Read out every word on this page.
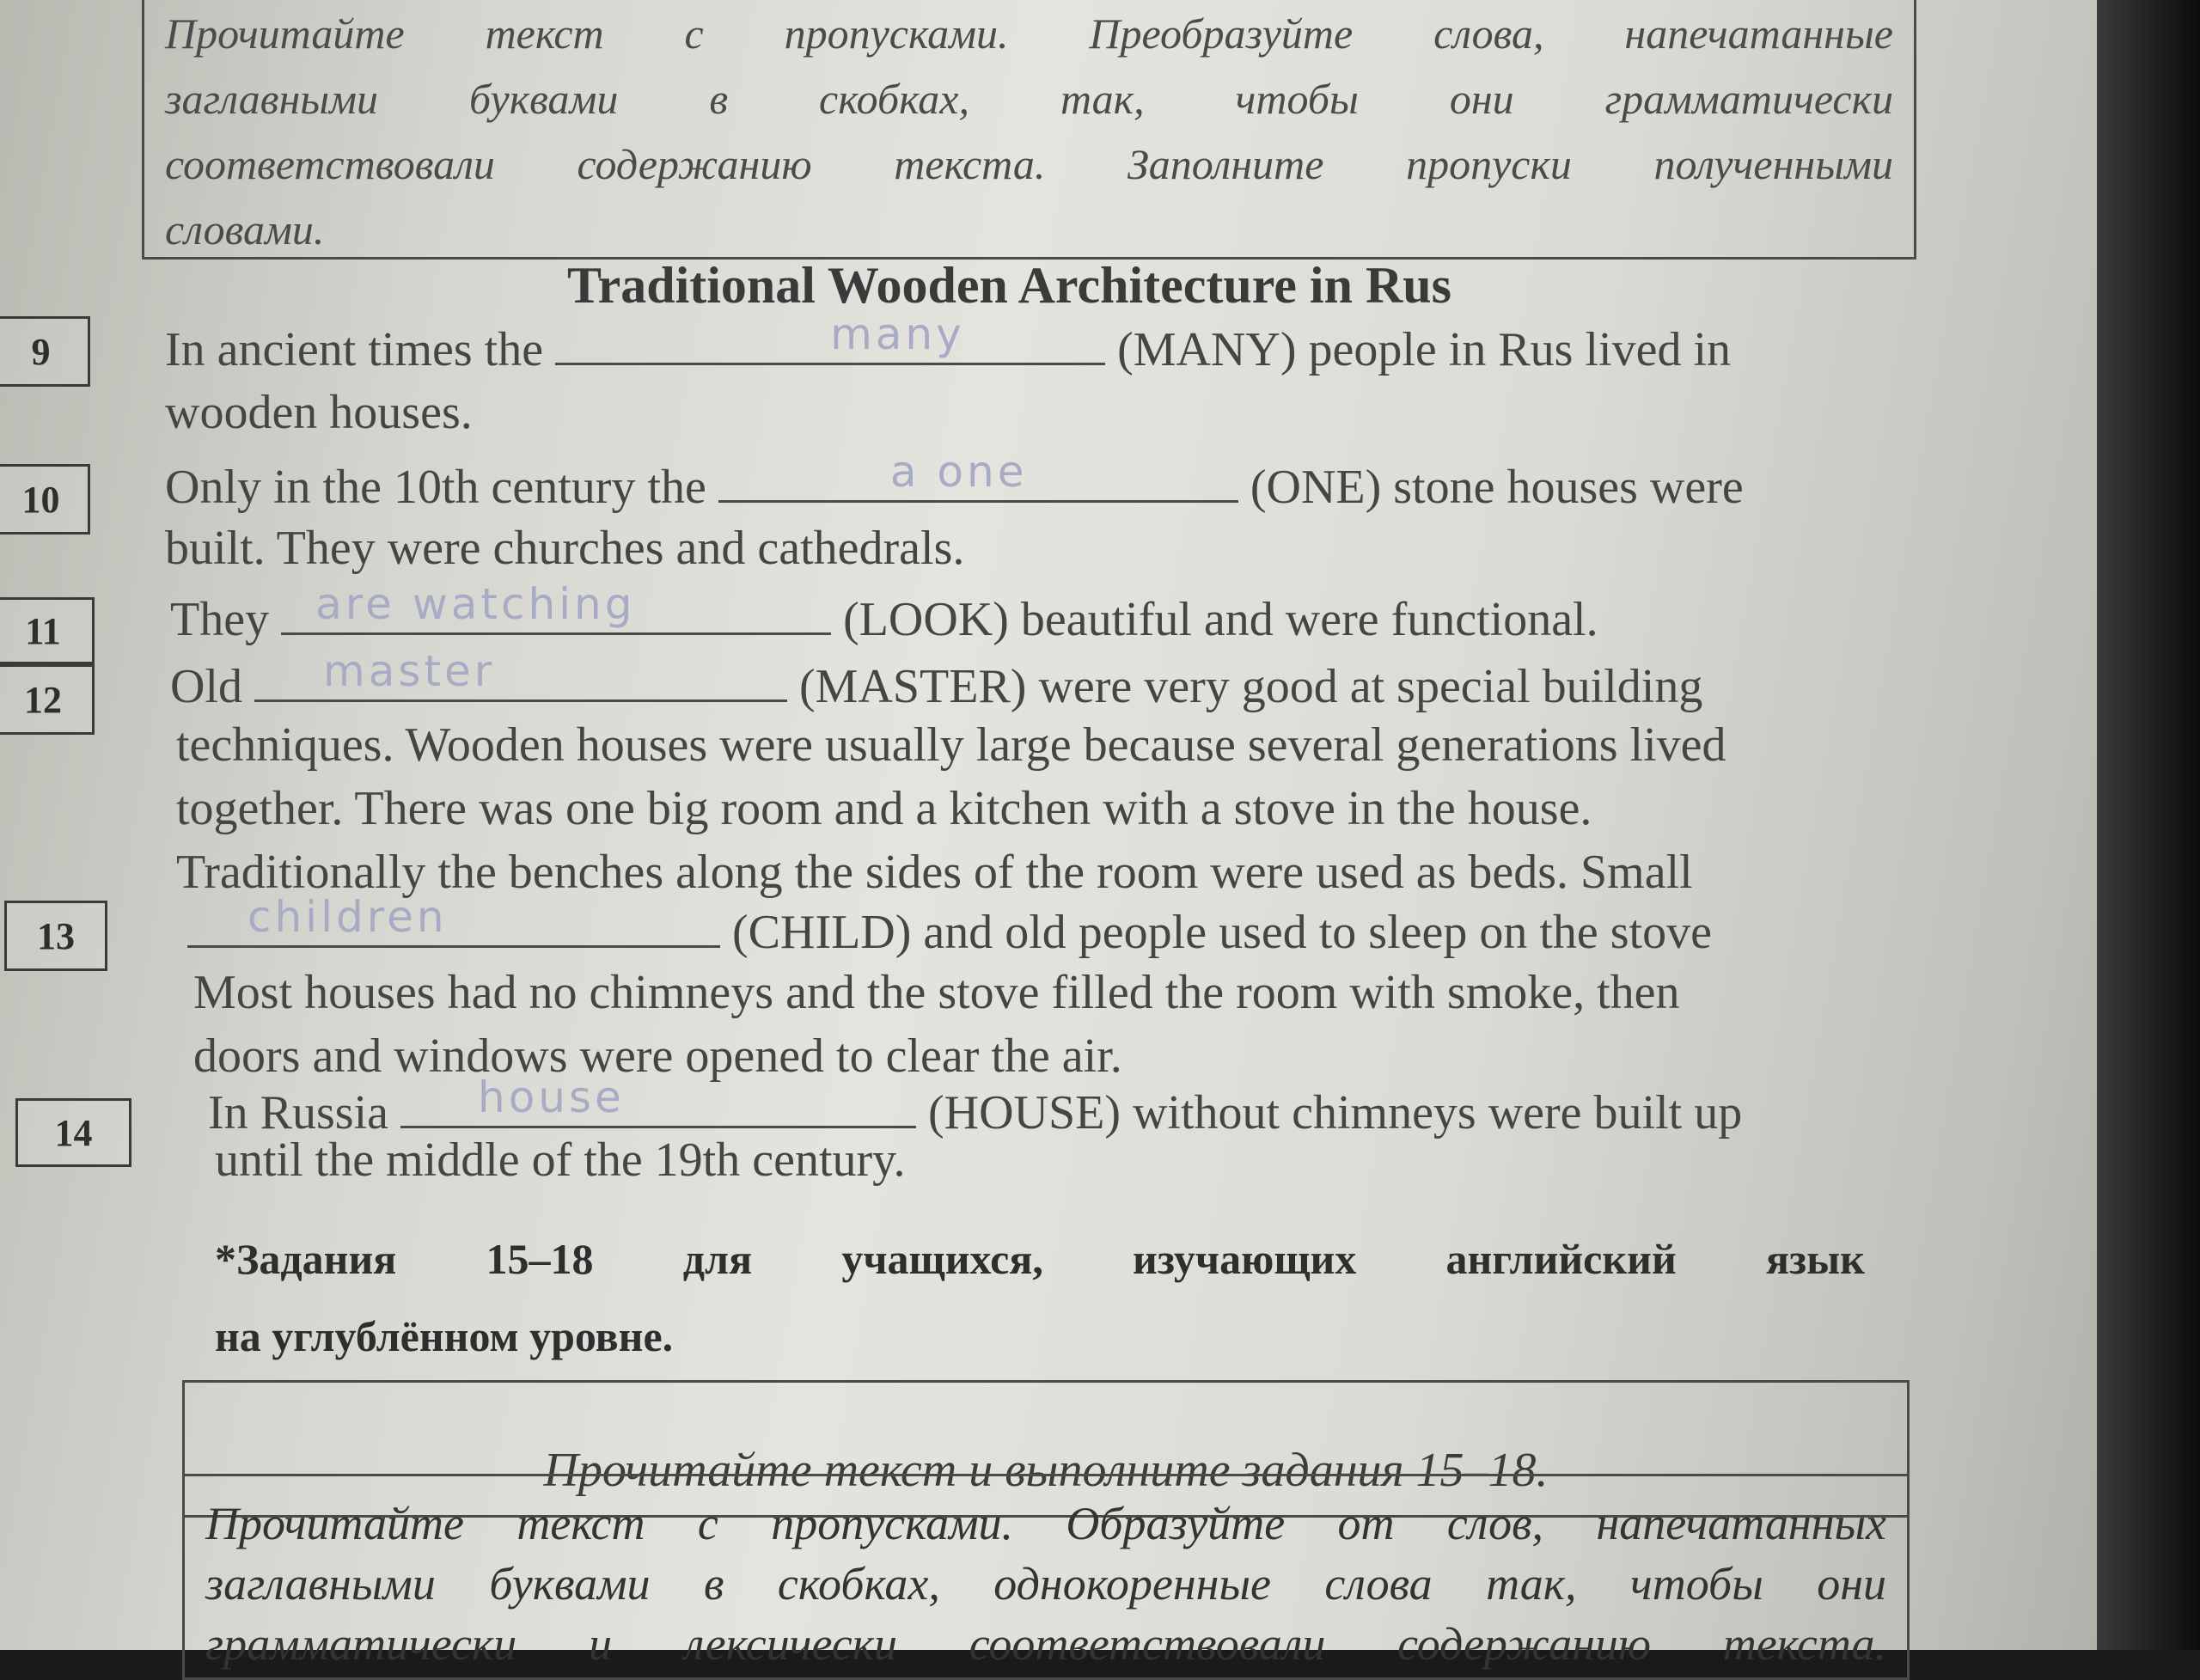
Прочитайте текст с пропусками. Преобразуйте слова, напечатанные
заглавными буквами в скобках, так, чтобы они грамматически
соответствовали содержанию текста. Заполните пропуски полученными

словами.
Traditional Wooden Architecture in Rus
9	In ancient times the	many	(MANY) people in Rus lived in
wooden houses.
10	Only in the 10th century the	a one	(ONE) stone houses were
built. They were churches and cathedrals.
11	They are watching	(LOOK) beautiful and were functional.
12	Old master	(MASTER) were very good at special building
techniques. Wooden houses were usually large because several generations lived
together. There was one big room and a kitchen with a stove in the house.
Traditionally the benches along the sides of the room were used as beds. Small
13	children	(CHILD) and old people used to sleep on the stove
Most houses had no chimneys and the stove filled the room with smoke, then
doors and windows were opened to clear the air.
14	In Russia house	(HOUSE) without chimneys were built up
until the middle of the 19th century.
*Задания 15–18 для учащихся, изучающих английский язык
на углублённом уровне.
Прочитайте текст и выполните задания 15–18.
Прочитайте текст с пропусками. Образуйте от слов, напечатанных
заглавными буквами в скобках, однокоренные слова так, чтобы они
грамматически и лексически соответствовали содержанию текста.
